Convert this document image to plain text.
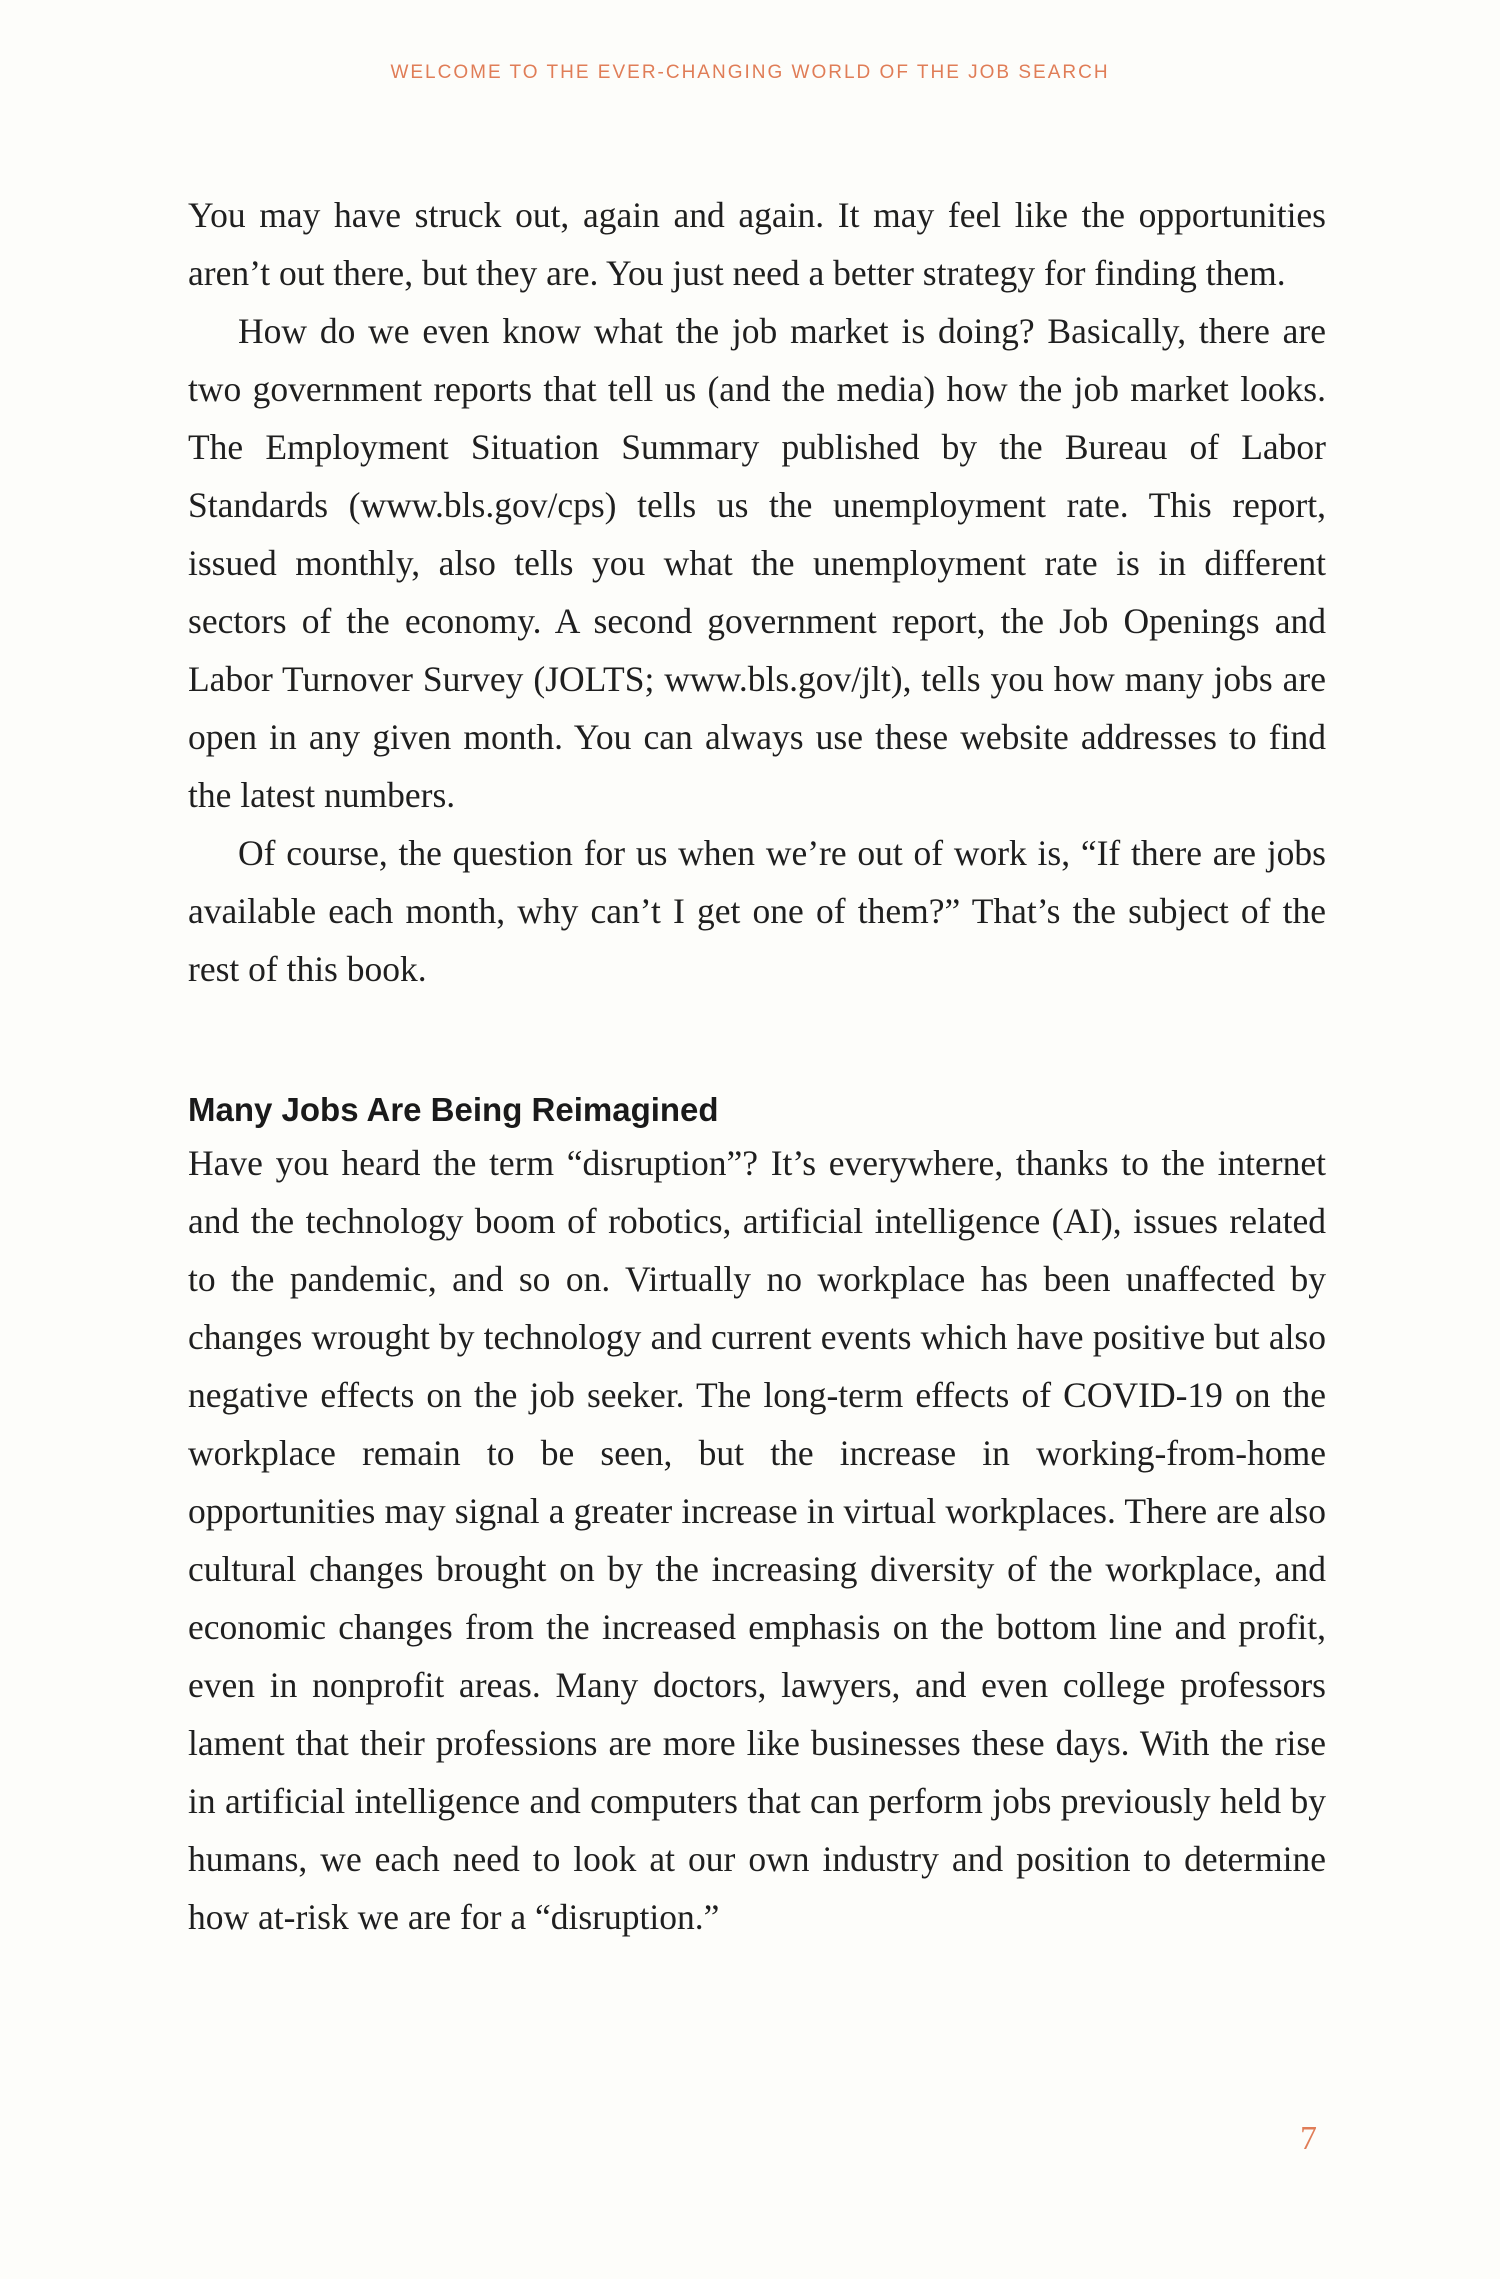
WELCOME TO THE EVER-CHANGING WORLD OF THE JOB SEARCH

You may have struck out, again and again. It may feel like the opportunities aren’t out there, but they are. You just need a better strategy for finding them.

How do we even know what the job market is doing? Basically, there are two government reports that tell us (and the media) how the job market looks. The Employment Situation Summary published by the Bureau of Labor Standards (www.bls.gov/cps) tells us the unemployment rate. This report, issued monthly, also tells you what the unemployment rate is in different sectors of the economy. A second government report, the Job Openings and Labor Turnover Survey (JOLTS; www.bls.gov/jlt), tells you how many jobs are open in any given month. You can always use these website addresses to find the latest numbers.

Of course, the question for us when we’re out of work is, “If there are jobs available each month, why can’t I get one of them?” That’s the subject of the rest of this book.

Many Jobs Are Being Reimagined

Have you heard the term “disruption”? It’s everywhere, thanks to the internet and the technology boom of robotics, artificial intelligence (AI), issues related to the pandemic, and so on. Virtually no workplace has been unaffected by changes wrought by technology and current events which have positive but also negative effects on the job seeker. The long-term effects of COVID-19 on the workplace remain to be seen, but the increase in working-from-home opportunities may signal a greater increase in virtual workplaces. There are also cultural changes brought on by the increasing diversity of the workplace, and economic changes from the increased emphasis on the bottom line and profit, even in nonprofit areas. Many doctors, lawyers, and even college professors lament that their professions are more like businesses these days. With the rise in artificial intelligence and computers that can perform jobs previously held by humans, we each need to look at our own industry and position to determine how at-risk we are for a “disruption.”

7
